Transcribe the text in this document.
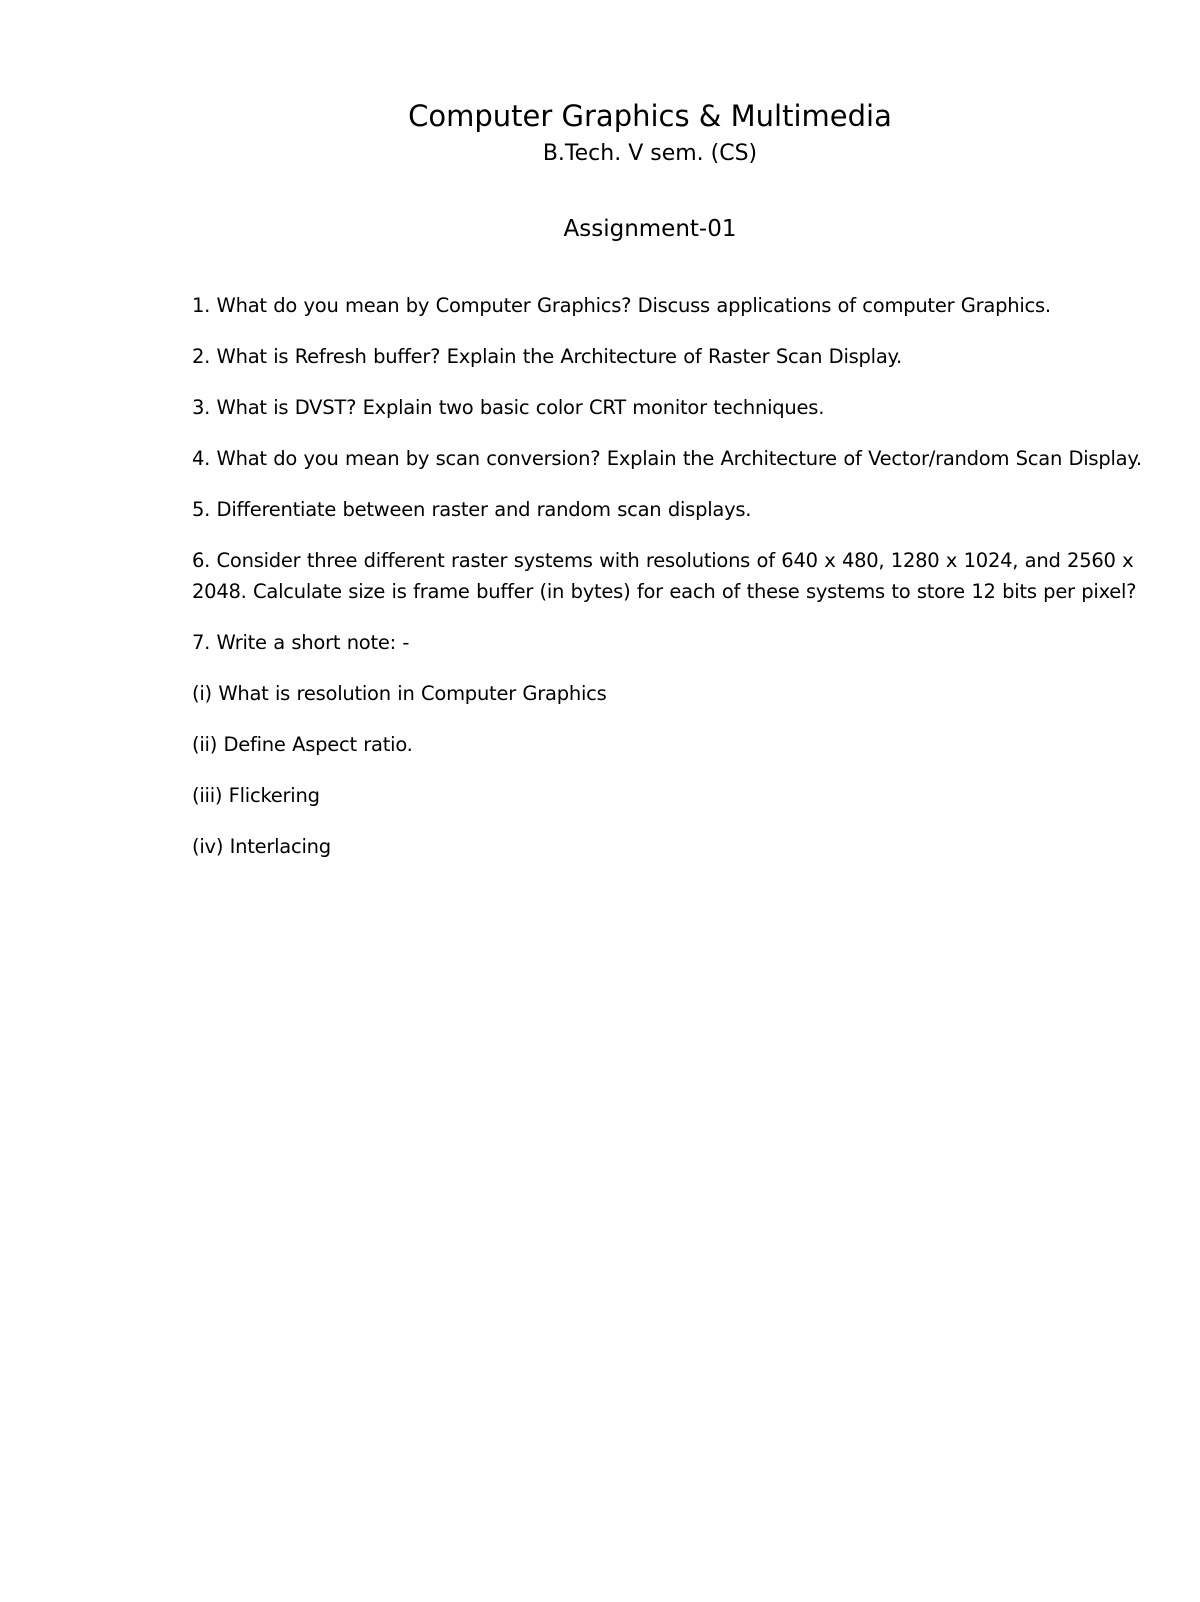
Computer Graphics & Multimedia
B.Tech. V sem. (CS)
Assignment-01
1. What do you mean by Computer Graphics? Discuss applications of computer Graphics.
2. What is Refresh buffer? Explain the Architecture of Raster Scan Display.
3. What is DVST? Explain two basic color CRT monitor techniques.
4. What do you mean by scan conversion? Explain the Architecture of Vector/random Scan Display.
5. Differentiate between raster and random scan displays.
6. Consider three different raster systems with resolutions of 640 x 480, 1280 x 1024, and 2560 x 2048. Calculate size is frame buffer (in bytes) for each of these systems to store 12 bits per pixel?
7. Write a short note: -
(i) What is resolution in Computer Graphics
(ii) Define Aspect ratio.
(iii) Flickering
(iv) Interlacing
